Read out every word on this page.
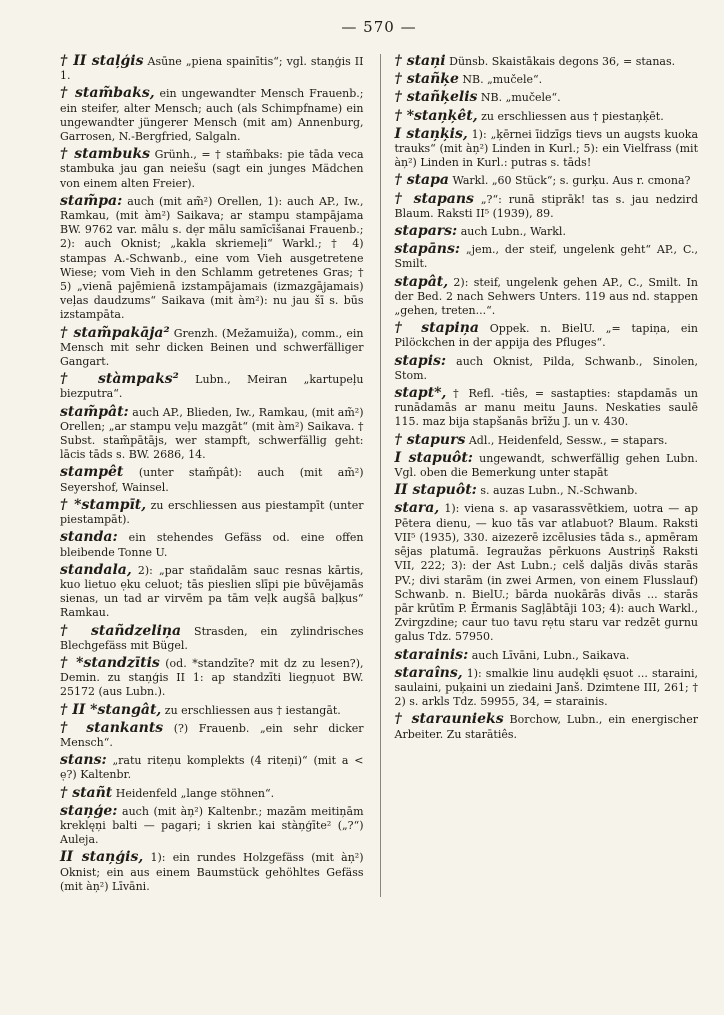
— 570 —

† II staļģis Asūne „piena spainītis“; vgl. staņģis II 1.

† stam̃baks, ein ungewandter Mensch Frauenb.; ein steifer, alter Mensch; auch (als Schimpfname) ein ungewandter jüngerer Mensch (mit am) Annenburg, Garrosen, N.-Bergfried, Salgaln.

† stambuks Grünh., = † stam̃baks: pie tāda veca stambuka jau gan neiešu (sagt ein junges Mädchen von einem alten Freier).

stam̃pa: auch (mit am̃²) Orellen, 1): auch AP., Iw., Ramkau, (mit àm²) Saikava; ar stampu stampājama BW. 9762 var. mālu s. dẹr mālu samīcīšanai Frauenb.; 2): auch Oknist; „kakla skriemeļi“ Warkl.; † 4) stampas A.-Schwanb., eine vom Vieh ausgetretene Wiese; vom Vieh in den Schlamm getretenes Gras; † 5) „vienā pajēmienā izstampājamais (izmazgājamais) veļas daudzums“ Saikava (mit àm²): nu jau šī s. būs izstampāta.

† stam̃pakāja² Grenzh. (Mežamuiža), comm., ein Mensch mit sehr dicken Beinen und schwerfälliger Gangart.

† stàmpaks² Lubn., Meiran „kartupeļu biezputra“.

stam̃pât: auch AP., Blieden, Iw., Ramkau, (mit am̃²) Orellen; „ar stampu veļu mazgāt“ (mit àm²) Saikava. † Subst. stam̃pātājs, wer stampft, schwerfällig geht: lācis tāds s. BW. 2686, 14.

stampêt (unter stam̃pât): auch (mit am̃²) Seyershof, Wainsel.

† *stampīt, zu erschliessen aus piestampīt (unter piestampāt).

standa: ein stehendes Gefäss od. eine offen bleibende Tonne U.

standala, 2): „par stañdalām sauc resnas kārtis, kuo lietuo ẹku celuot; tās pieslien slīpi pie būvējamās sienas, un tad ar virvēm pa tām veļk augšā baļķus“ Ramkau.

† stañdzeliņa Strasden, ein zylindrisches Blechgefäss mit Bügel.

† *standzītis (od. *standzīte? mit dz zu lesen?), Demin. zu staņģis II 1: ap standzīti liegņuot BW. 25172 (aus Lubn.).

† II *stangât, zu erschliessen aus † iestangāt.

† stankants (?) Frauenb. „ein sehr dicker Mensch“.

stans: „ratu riteņu komplekts (4 riteņi)“ (mit a < ẹ?) Kaltenbr.

† stañt Heidenfeld „lange stöhnen“.

staņģe: auch (mit àņ²) Kaltenbr.; mazām meitiņām kreklęņi balti — pagaŗi; i skrien kai stàņģīte² („?“) Auleja.

II staņģis, 1): ein rundes Holzgefäss (mit àņ²) Oknist; ein aus einem Baumstück gehöhltes Gefäss (mit àņ²) Līvāni.

† staņi Dünsb. Skaistākais degons 36, = stanas.

† stañķe NB. „mučele“.

† stañķelis NB. „mučele“.

† *staņķêt, zu erschliessen aus † piestaņķēt.

I staņķis, 1): „ķērnei īidzīgs tievs un augsts kuoka trauks“ (mit àņ²) Linden in Kurl.; 5): ein Vielfrass (mit àņ²) Linden in Kurl.: putras s. tāds!

† stapa Warkl. „60 Stück“; s. gurķu. Aus r. cmona?

† stapans „?“: runā stiprāk! tas s. jau nedzird Blaum. Raksti II⁵ (1939), 89.

stapars: auch Lubn., Warkl.

stapāns: „jem., der steif, ungelenk geht“ AP., C., Smilt.

stapât, 2): steif, ungelenk gehen AP., C., Smilt. In der Bed. 2 nach Sehwers Unters. 119 aus nd. stappen „gehen, treten...“.

† stapiņa Oppek. n. BielU. „= tapiņa, ein Pilöckchen in der appija des Pfluges“.

stapis: auch Oknist, Pilda, Schwanb., Sinolen, Stom.

stapt*, † Refl. -tiês, = sastapties: stapdamās un runādamās ar manu meitu Jauns. Neskaties saulē 115. maz bija stapšanās brīžu J. un v. 430.

† stapurs Adl., Heidenfeld, Sessw., = stapars.

I stapuôt: ungewandt, schwerfällig gehen Lubn. Vgl. oben die Bemerkung unter stapāt

II stapuôt: s. auzas Lubn., N.-Schwanb.

stara, 1): viena s. ap vasarassvētkiem, uotra — ap Pētera dienu, — kuo tās var atlabuot? Blaum. Raksti VII⁵ (1935), 330. aizezerē izcēlusies tāda s., apmēram sējas platumā. Iegraužas pērkuons Austriņš Raksti VII, 222; 3): der Ast Lubn.; celš daljās divās starās PV.; divi starām (in zwei Armen, von einem Flusslauf) Schwanb. n. BielU.; bārda nuokārās divās ... starās pār krūtīm P. Ērmanis Sagļābtāji 103; 4): auch Warkl., Zvirgzdine; caur tuo tavu rẹtu staru var redzēt gurnu galus Tdz. 57950.

starainis: auch Līvāni, Lubn., Saikava.

staraîns, 1): smalkie linu audękli ęsuot ... staraini, saulaini, puķaini un ziedaini Janš. Dzimtene III, 261; † 2) s. arkls Tdz. 59955, 34, = starainis.

† staraunieks Borchow, Lubn., ein energischer Arbeiter. Zu starātiês.
